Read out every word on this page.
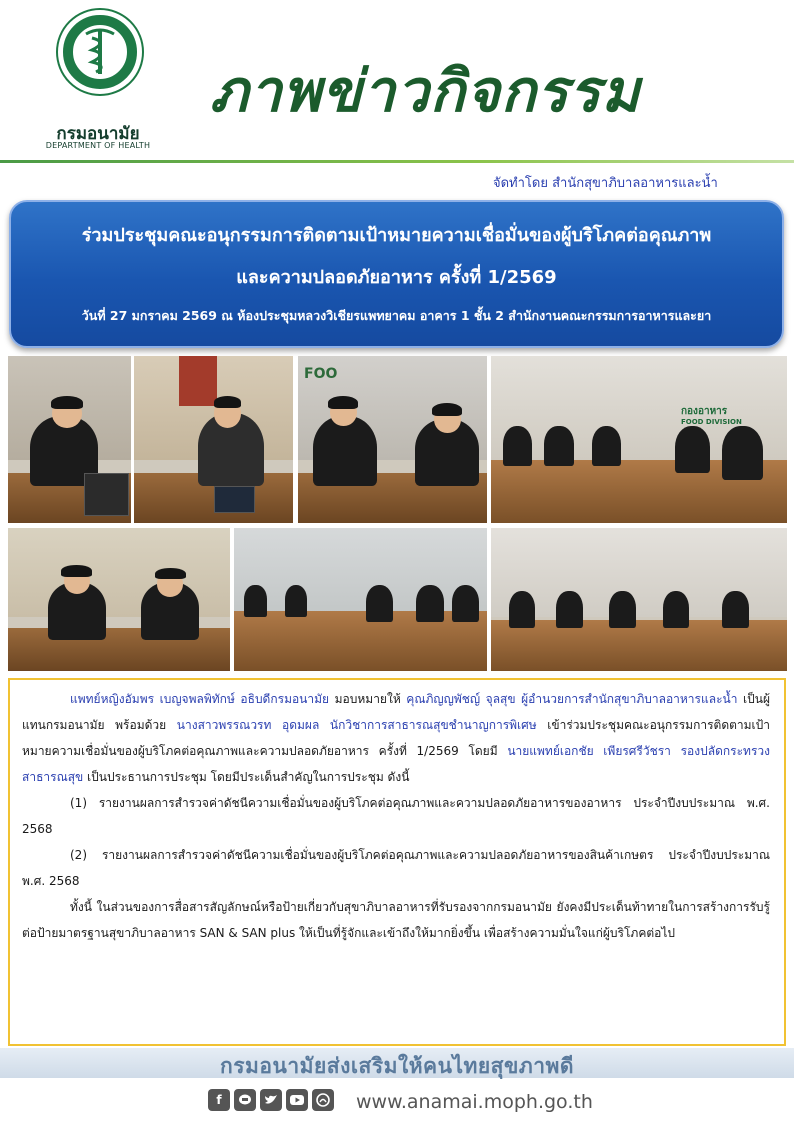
กรมอนามัย
DEPARTMENT OF HEALTH
ภาพข่าวกิจกรรม
จัดทำโดย สำนักสุขาภิบาลอาหารและน้ำ
ร่วมประชุมคณะอนุกรรมการติดตามเป้าหมายความเชื่อมั่นของผู้บริโภคต่อคุณภาพ
และความปลอดภัยอาหาร ครั้งที่ 1/2569
วันที่ 27 มกราคม 2569 ณ ห้องประชุมหลวงวิเชียรแพทยาคม อาคาร 1 ชั้น 2 สำนักงานคณะกรรมการอาหารและยา
FOO
กองอาหาร
FOOD DIVISION

แพทย์หญิงอัมพร เบญจพลพิทักษ์ อธิบดีกรมอนามัย มอบหมายให้ คุณภิญญพัชญ์ จุลสุข ผู้อำนวยการสำนักสุขาภิบาลอาหารและน้ำ เป็นผู้แทนกรมอนามัย พร้อมด้วย นางสาวพรรณวรท อุดมผล นักวิชาการสาธารณสุขชำนาญการพิเศษ เข้าร่วมประชุมคณะอนุกรรมการติดตามเป้าหมายความเชื่อมั่นของผู้บริโภคต่อคุณภาพและความปลอดภัยอาหาร ครั้งที่ 1/2569 โดยมี นายแพทย์เอกชัย เพียรศรีวัชรา รองปลัดกระทรวงสาธารณสุข เป็นประธานการประชุม โดยมีประเด็นสำคัญในการประชุม ดังนี้

(1) รายงานผลการสำรวจค่าดัชนีความเชื่อมั่นของผู้บริโภคต่อคุณภาพและความปลอดภัยอาหารของอาหาร ประจำปีงบประมาณ พ.ศ. 2568

(2) รายงานผลการสำรวจค่าดัชนีความเชื่อมั่นของผู้บริโภคต่อคุณภาพและความปลอดภัยอาหารของสินค้าเกษตร ประจำปีงบประมาณ พ.ศ. 2568

ทั้งนี้ ในส่วนของการสื่อสารสัญลักษณ์หรือป้ายเกี่ยวกับสุขาภิบาลอาหารที่รับรองจากกรมอนามัย ยังคงมีประเด็นท้าทายในการสร้างการรับรู้ต่อป้ายมาตรฐานสุขาภิบาลอาหาร SAN & SAN plus ให้เป็นที่รู้จักและเข้าถึงให้มากยิ่งขึ้น เพื่อสร้างความมั่นใจแก่ผู้บริโภคต่อไป

กรมอนามัยส่งเสริมให้คนไทยสุขภาพดี
f	www.anamai.moph.go.th
